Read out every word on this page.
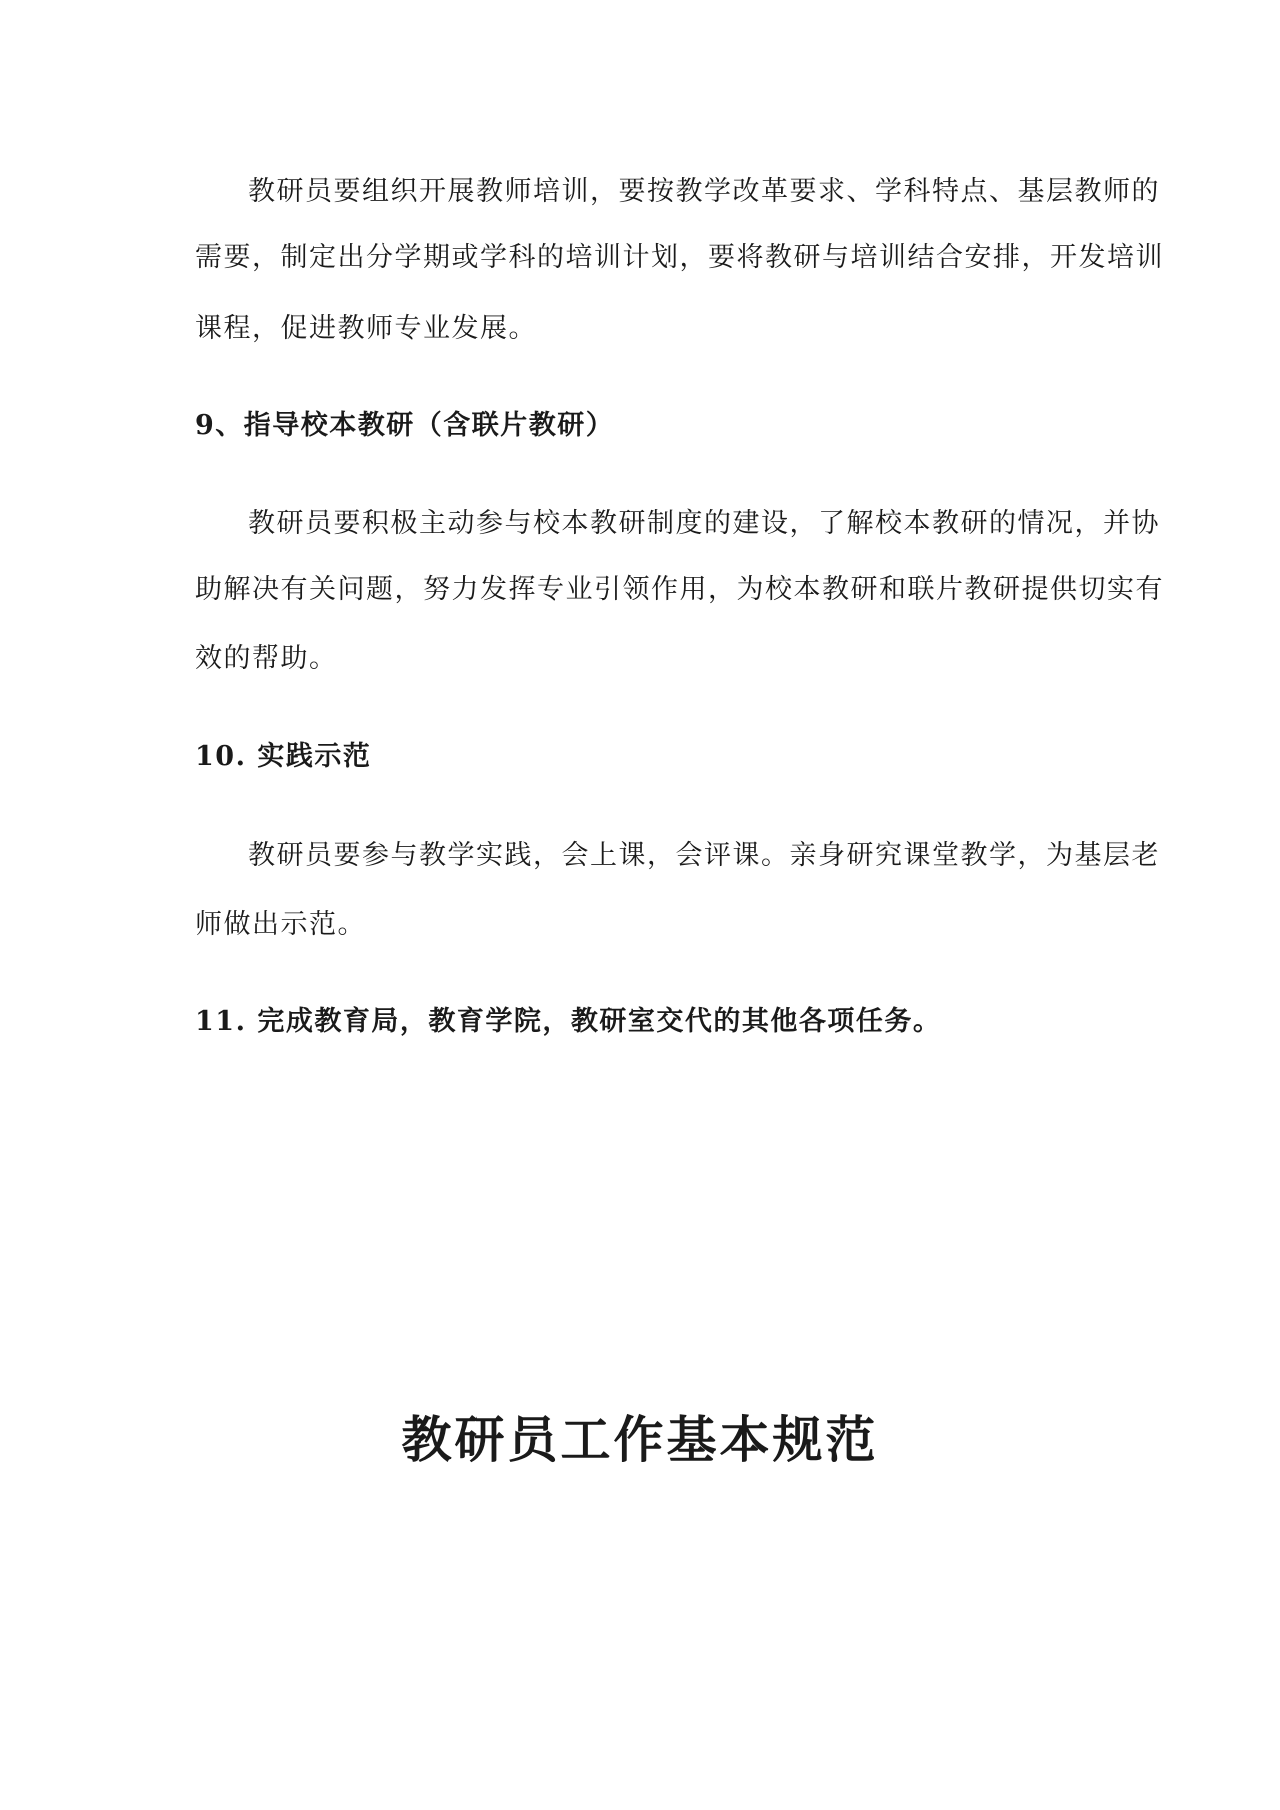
教研员要组织开展教师培训，要按教学改革要求、学科特点、基层教师的
需要，制定出分学期或学科的培训计划，要将教研与培训结合安排，开发培训
课程，促进教师专业发展。
9、指导校本教研（含联片教研）
教研员要积极主动参与校本教研制度的建设，了解校本教研的情况，并协
助解决有关问题，努力发挥专业引领作用，为校本教研和联片教研提供切实有
效的帮助。
10. 实践示范
教研员要参与教学实践，会上课，会评课。亲身研究课堂教学，为基层老
师做出示范。
11. 完成教育局，教育学院，教研室交代的其他各项任务。
教研员工作基本规范
